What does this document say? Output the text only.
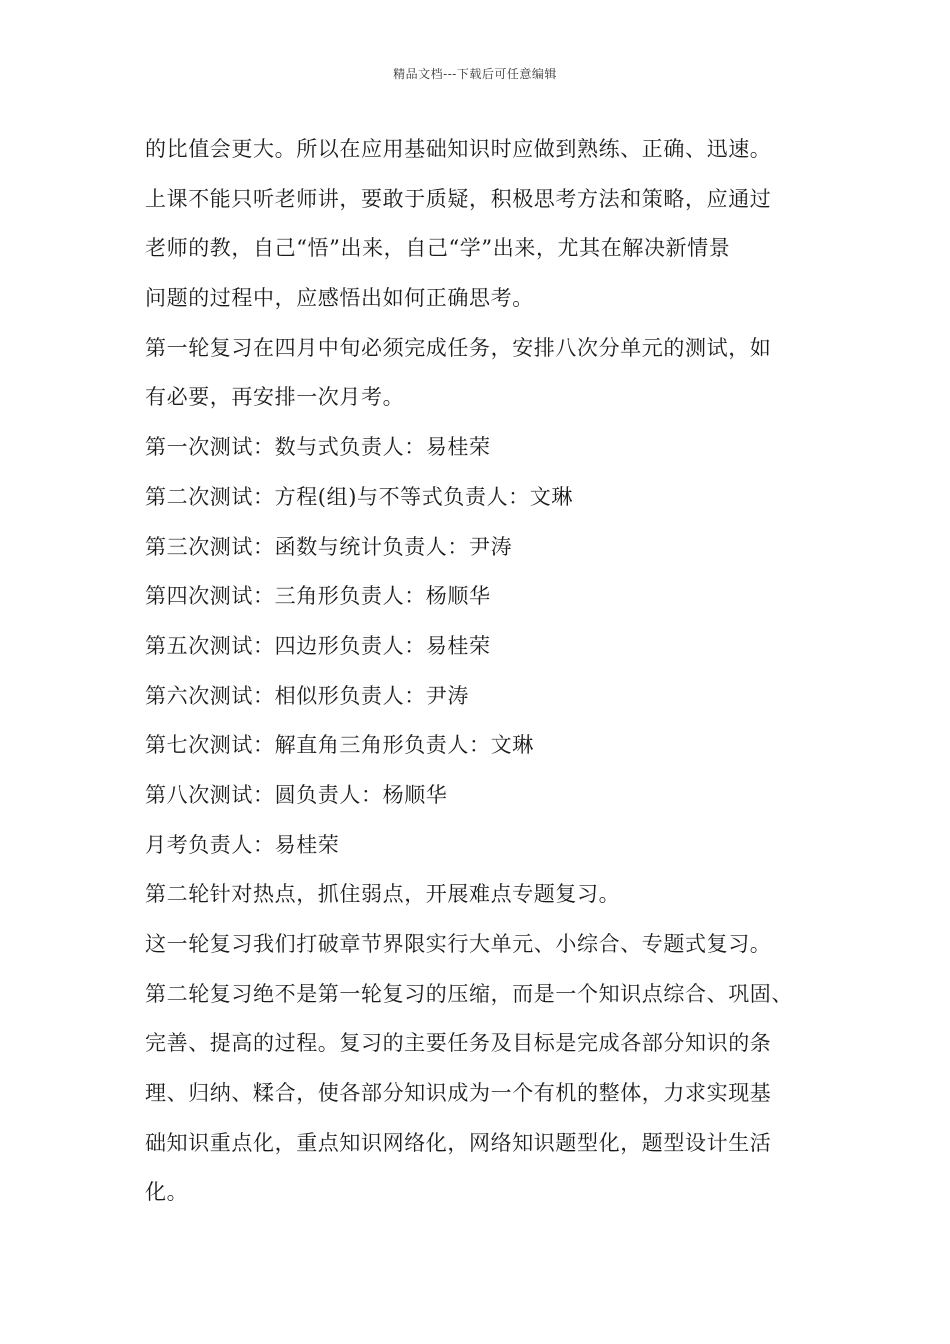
精品文档---下载后可任意编辑
的比值会更大。所以在应用基础知识时应做到熟练、正确、迅速。
上课不能只听老师讲，要敢于质疑，积极思考方法和策略，应通过
老师的教，自己“悟”出来，自己“学”出来，尤其在解决新情景
问题的过程中，应感悟出如何正确思考。
第一轮复习在四月中旬必须完成任务，安排八次分单元的测试，如
有必要，再安排一次月考。
第一次测试：数与式负责人：易桂荣
第二次测试：方程(组)与不等式负责人：文琳
第三次测试：函数与统计负责人：尹涛
第四次测试：三角形负责人：杨顺华
第五次测试：四边形负责人：易桂荣
第六次测试：相似形负责人：尹涛
第七次测试：解直角三角形负责人：文琳
第八次测试：圆负责人：杨顺华
月考负责人：易桂荣
第二轮针对热点，抓住弱点，开展难点专题复习。
这一轮复习我们打破章节界限实行大单元、小综合、专题式复习。
第二轮复习绝不是第一轮复习的压缩，而是一个知识点综合、巩固、
完善、提高的过程。复习的主要任务及目标是完成各部分知识的条
理、归纳、糅合，使各部分知识成为一个有机的整体，力求实现基
础知识重点化，重点知识网络化，网络知识题型化，题型设计生活
化。
